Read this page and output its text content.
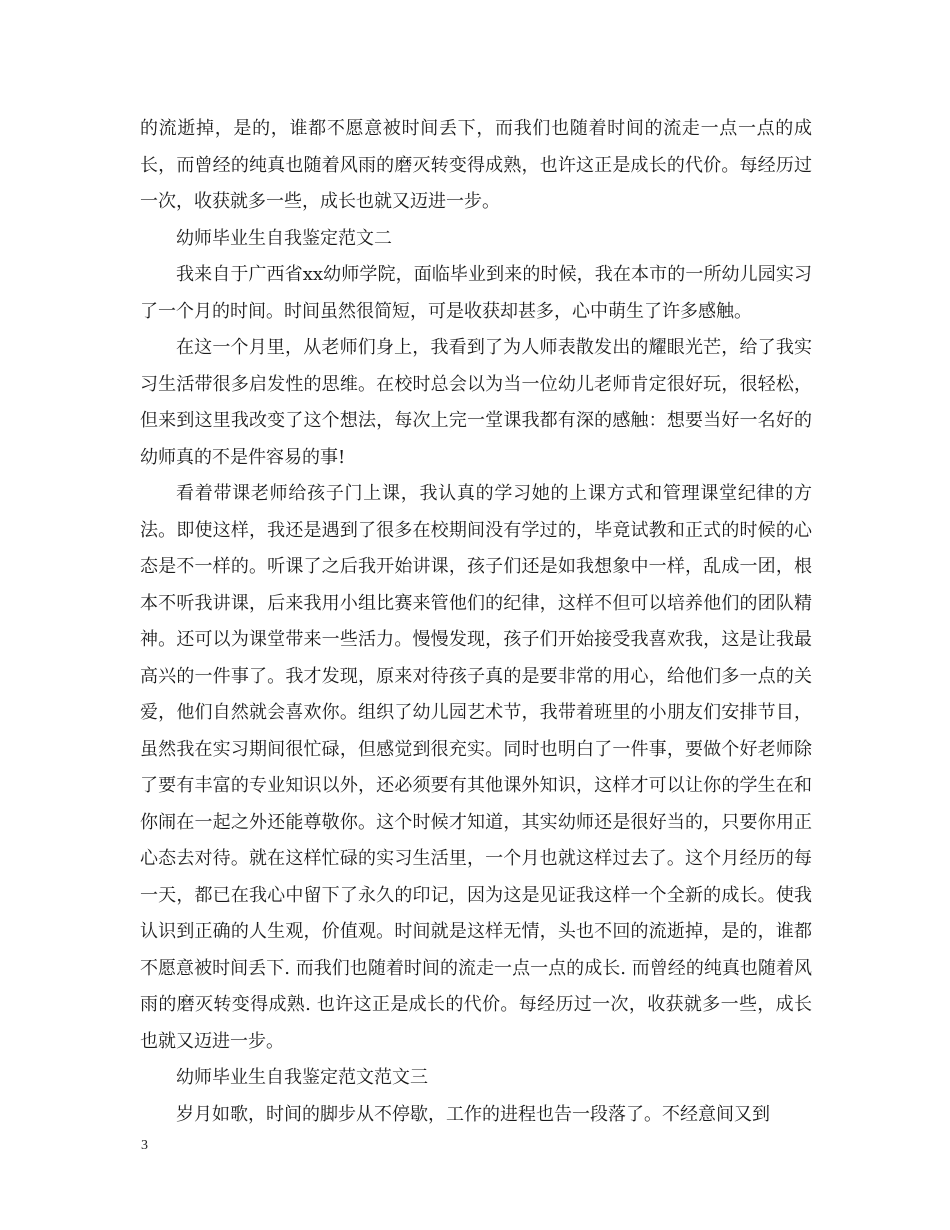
的流逝掉，是的，谁都不愿意被时间丢下，而我们也随着时间的流走一点一点的成长，而曾经的纯真也随着风雨的磨灭转变得成熟，也许这正是成长的代价。每经历过一次，收获就多一些，成长也就又迈进一步。

幼师毕业生自我鉴定范文二

我来自于广西省xx幼师学院，面临毕业到来的时候，我在本市的一所幼儿园实习了一个月的时间。时间虽然很简短，可是收获却甚多，心中萌生了许多感触。

在这一个月里，从老师们身上，我看到了为人师表散发出的耀眼光芒，给了我实习生活带很多启发性的思维。在校时总会以为当一位幼儿老师肯定很好玩，很轻松，但来到这里我改变了这个想法，每次上完一堂课我都有深的感触：想要当好一名好的幼师真的不是件容易的事!

看着带课老师给孩子门上课，我认真的学习她的上课方式和管理课堂纪律的方法。即使这样，我还是遇到了很多在校期间没有学过的，毕竟试教和正式的时候的心态是不一样的。听课了之后我开始讲课，孩子们还是如我想象中一样，乱成一团，根本不听我讲课，后来我用小组比赛来管他们的纪律，这样不但可以培养他们的团队精神。还可以为课堂带来一些活力。慢慢发现，孩子们开始接受我喜欢我，这是让我最高兴的一件事了。我才发现，原来对待孩子真的是要非常的用心，给他们多一点的关爱，他们自然就会喜欢你。组织了幼儿园艺术节，我带着班里的小朋友们安排节目，虽然我在实习期间很忙碌，但感觉到很充实。同时也明白了一件事，要做个好老师除了要有丰富的专业知识以外，还必须要有其他课外知识，这样才可以让你的学生在和你闹在一起之外还能尊敬你。这个时候才知道，其实幼师还是很好当的，只要你用正心态去对待。就在这样忙碌的实习生活里，一个月也就这样过去了。这个月经历的每一天，都已在我心中留下了永久的印记，因为这是见证我这样一个全新的成长。使我认识到正确的人生观，价值观。时间就是这样无情，头也不回的流逝掉，是的，谁都不愿意被时间丢下. 而我们也随着时间的流走一点一点的成长. 而曾经的纯真也随着风 雨的磨灭转变得成熟. 也许这正是成长的代价。每经历过一次，收获就多一些，成长也就又迈进一步。

幼师毕业生自我鉴定范文范文三

岁月如歌，时间的脚步从不停歇，工作的进程也告一段落了。不经意间又到

3
